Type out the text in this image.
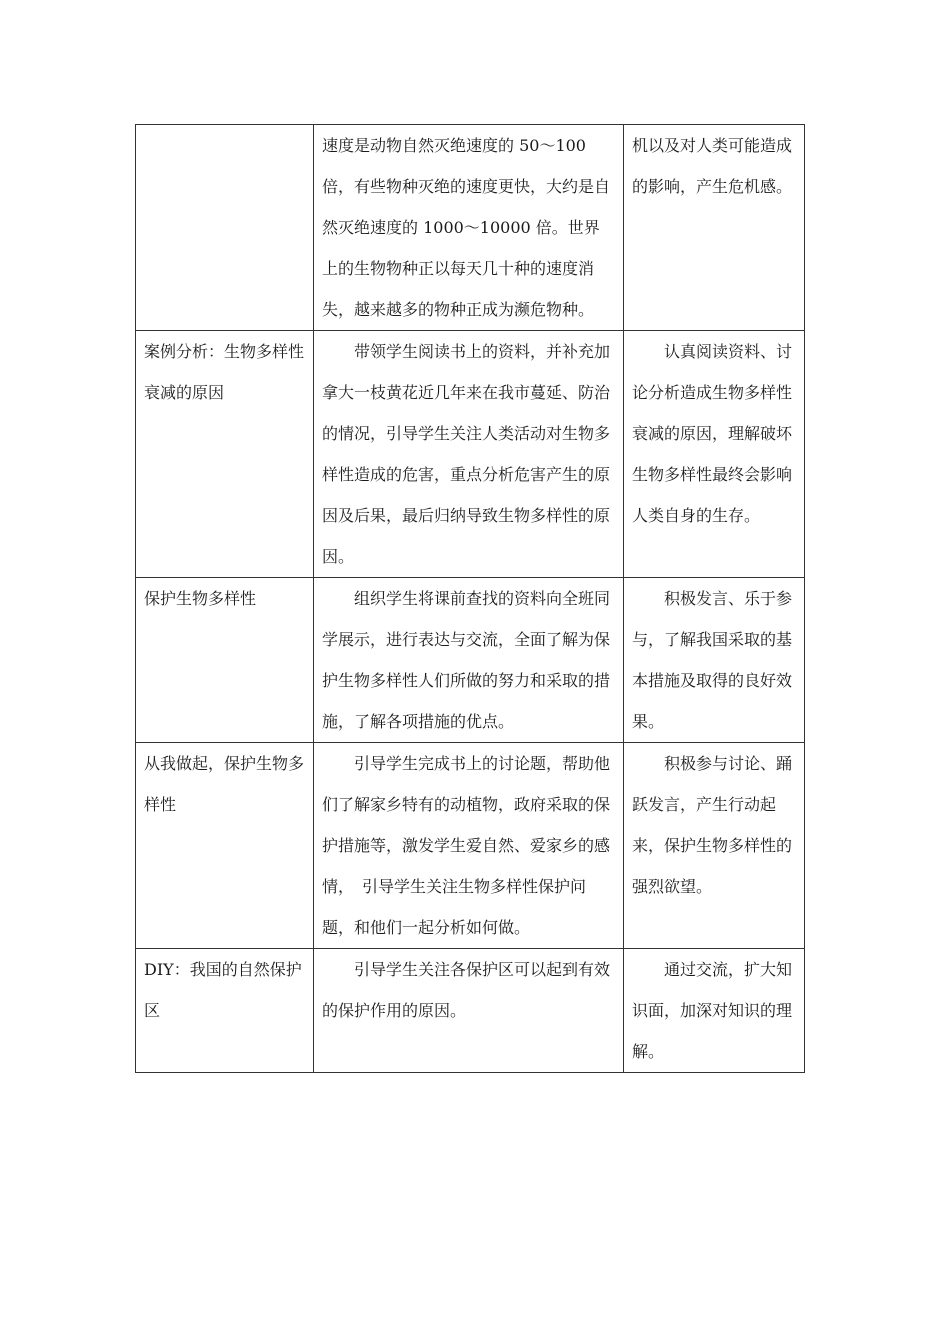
	速度是动物自然灭绝速度的 50～100倍，有些物种灭绝的速度更快，大约是自然灭绝速度的 1000～10000 倍。世界上的生物物种正以每天几十种的速度消失，越来越多的物种正成为濒危物种。	机以及对人类可能造成的影响，产生危机感。
案例分析：生物多样性衰减的原因	带领学生阅读书上的资料，并补充加拿大一枝黄花近几年来在我市蔓延、防治的情况，引导学生关注人类活动对生物多样性造成的危害，重点分析危害产生的原因及后果，最后归纳导致生物多样性的原因。	认真阅读资料、讨论分析造成生物多样性衰减的原因，理解破坏生物多样性最终会影响人类自身的生存。
保护生物多样性	组织学生将课前查找的资料向全班同学展示，进行表达与交流，全面了解为保护生物多样性人们所做的努力和采取的措施，了解各项措施的优点。	积极发言、乐于参与，了解我国采取的基本措施及取得的良好效果。
从我做起，保护生物多样性	引导学生完成书上的讨论题，帮助他们了解家乡特有的动植物，政府采取的保护措施等，激发学生爱自然、爱家乡的感情，　引导学生关注生物多样性保护问题，和他们一起分析如何做。	积极参与讨论、踊跃发言，产生行动起来，保护生物多样性的强烈欲望。
DIY：我国的自然保护区	引导学生关注各保护区可以起到有效的保护作用的原因。	通过交流，扩大知识面，加深对知识的理解。
